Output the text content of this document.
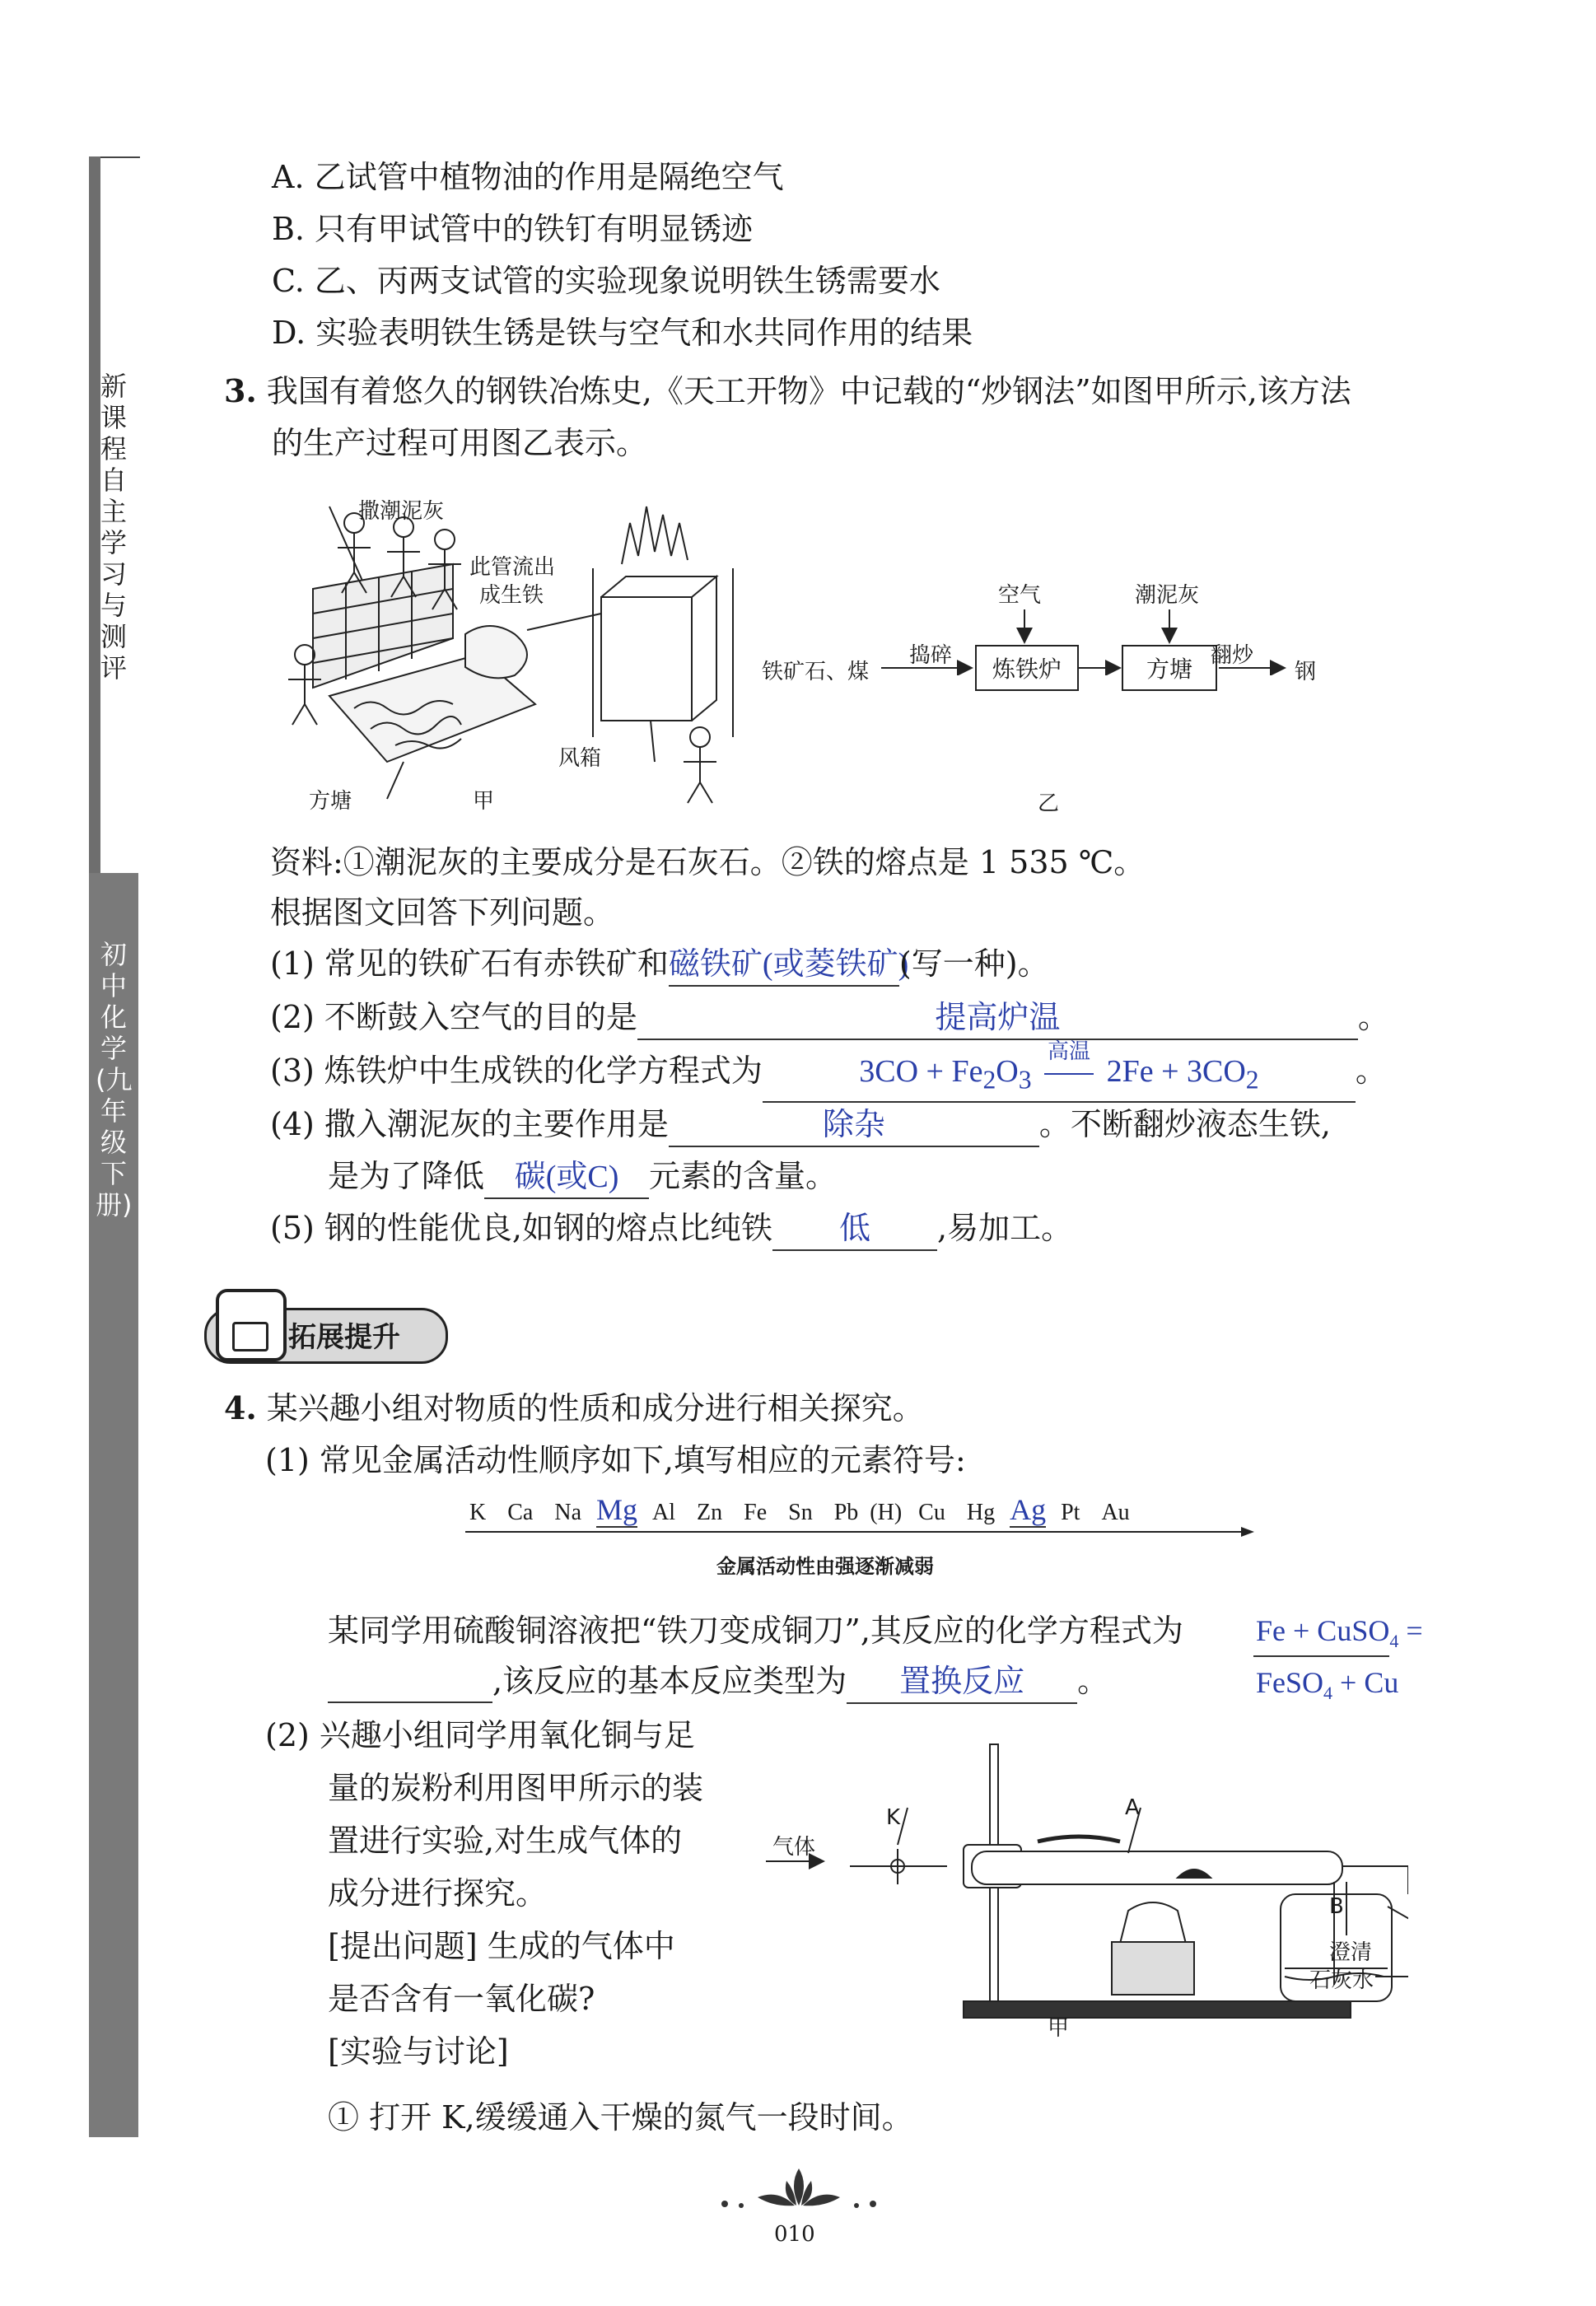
新课程自主学习与测评
初中化学(九年级下册)
A. 乙试管中植物油的作用是隔绝空气
B. 只有甲试管中的铁钉有明显锈迹
C. 乙、丙两支试管的实验现象说明铁生锈需要水
D. 实验表明铁生锈是铁与空气和水共同作用的结果
3. 我国有着悠久的钢铁冶炼史,《天工开物》中记载的“炒钢法”如图甲所示,该方法
的生产过程可用图乙表示。
撒潮泥灰
此管流出
成生铁
风箱
方塘	甲
铁矿石、煤
捣碎	炼铁炉
空气
方塘
潮泥灰
翻炒
钢
乙
资料:①潮泥灰的主要成分是石灰石。②铁的熔点是 1 535 ℃。
根据图文回答下列问题。
(1) 常见的铁矿石有赤铁矿和磁铁矿(或菱铁矿)(写一种)。
(2) 不断鼓入空气的目的是	提高炉温	。
(3) 炼铁炉中生成铁的化学方程式为	$3CO + Fe_2O_3$
高温
$2Fe + 3CO_2$	。
(4) 撒入潮泥灰的主要作用是	除杂	。不断翻炒液态生铁,
是为了降低 碳(或C) 元素的含量。
(5) 钢的性能优良,如钢的熔点比纯铁 低 ,易加工。
拓展提升
4. 某兴趣小组对物质的性质和成分进行相关探究。
(1) 常见金属活动性顺序如下,填写相应的元素符号:
K Ca Na Mg Al Zn Fe Sn Pb (H) Cu Hg Ag Pt Au
金属活动性由强逐渐减弱
某同学用硫酸铜溶液把“铁刀变成铜刀”,其反应的化学方程式为 Fe + CuSO$_4$ =
FeSO$_4$ + Cu
,该反应的基本反应类型为 置换反应 。
(2) 兴趣小组同学用氧化铜与足
量的炭粉利用图甲所示的装
置进行实验,对生成气体的
成分进行探究。
[提出问题] 生成的气体中
是否含有一氧化碳?
[实验与讨论]
① 打开 K,缓缓通入干燥的氮气一段时间。
气体
K	A
B
澄清
石灰水
甲
010
